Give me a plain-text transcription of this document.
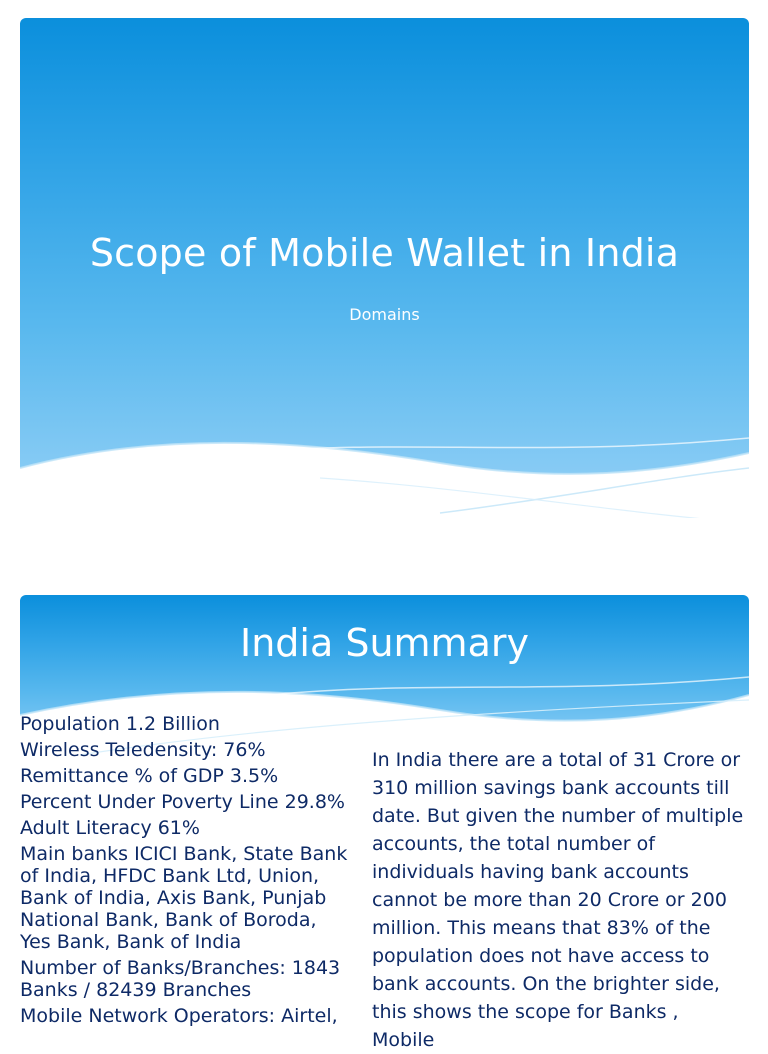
Scope of Mobile Wallet in India
Domains
India Summary
Population 1.2 Billion
Wireless Teledensity: 76%
Remittance % of GDP 3.5%
Percent Under Poverty Line 29.8%
Adult Literacy 61%
Main banks ICICI Bank, State Bank of India, HFDC Bank Ltd, Union, Bank of India, Axis Bank, Punjab National Bank, Bank of Boroda, Yes Bank, Bank of India
Number of Banks/Branches: 1843 Banks / 82439 Branches
Mobile Network Operators: Airtel,

In India there are a total of 31 Crore or 310 million savings bank accounts till date. But given the number of multiple accounts, the total number of individuals having bank accounts cannot be more than 20 Crore or 200 million. This means that 83% of the population does not have access to bank accounts. On the brighter side, this shows the scope for Banks , Mobile
